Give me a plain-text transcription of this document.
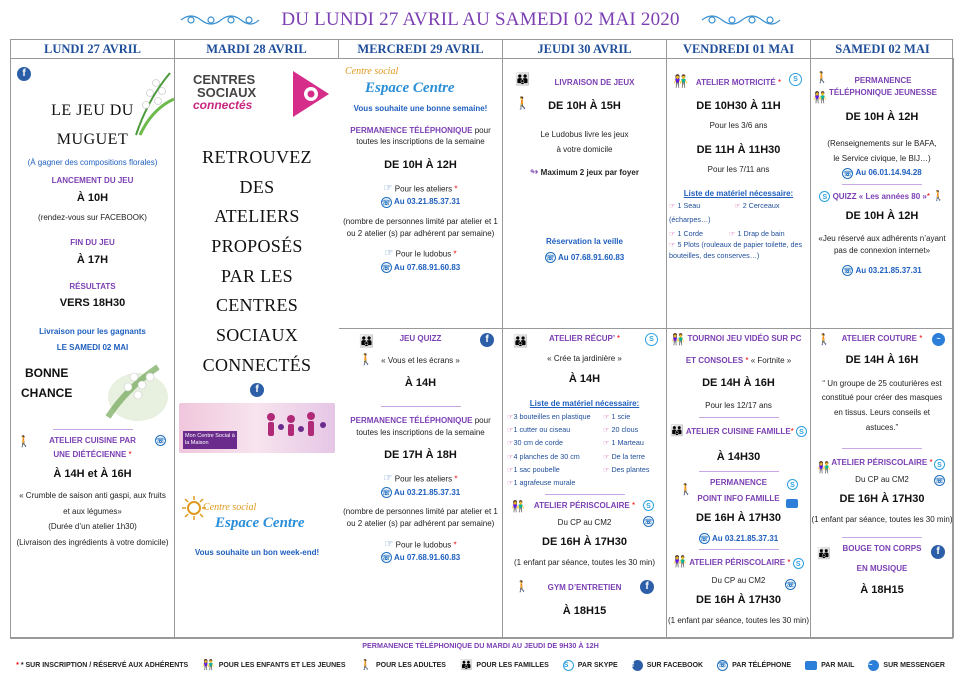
DU LUNDI 27 AVRIL AU SAMEDI 02 MAI 2020
LUNDI 27 AVRIL	MARDI 28 AVRIL	MERCREDI 29 AVRIL	JEUDI 30 AVRIL	VENDREDI 01 MAI	SAMEDI 02 MAI
Centre social
Espace Centre
Vous souhaite une bonne semaine!
PERMANENCE TÉLÉPHONIQUE pour toutes les inscriptions de la semaine
DE 10H À 12H
☞ Pour les ateliers *
☏ Au 03.21.85.37.31
(nombre de personnes limité par atelier et 1 ou 2 atelier (s) par adhérent par semaine)
☞ Pour le ludobus *
☏ Au 07.68.91.60.83
👪
🚶
LIVRAISON DE JEUX
DE 10H À 15H
Le Ludobus livre les jeux
à votre domicile
↬ Maximum 2 jeux par foyer
Réservation la veille
☏ Au 07.68.91.60.83
👫	S
ATELIER MOTRICITÉ *
DE 10H30 À 11H
Pour les 3/6 ans
DE 11H À 11H30
Pour les 7/11 ans
Liste de matériel nécessaire:
☞ 1 Seau	☞ 2 Cerceaux (écharpes…)
☞ 1 Corde	☞ 1 Drap de bain
☞ 5 Plots (rouleaux de papier toilette, des bouteilles, des conserves…)
🚶
👫
PERMANENCE TÉLÉPHONIQUE JEUNESSE
DE 10H À 12H
(Renseignements sur le BAFA,
le Service civique, le BIJ…)
☏ Au 06.01.14.94.28
S QUIZZ « Les années 80 »* 🚶
DE 10H À 12H
«Jeu réservé aux adhérents n’ayant pas de connexion internet»
☏ Au 03.21.85.37.31
f
LE JEU DU
MUGUET
(À gagner des compositions florales)
LANCEMENT DU JEU
À 10H
(rendez-vous sur FACEBOOK)
FIN DU JEU
À 17H
RÉSULTATS
VERS 18H30
Livraison pour les gagnants
LE SAMEDI 02 MAI
BONNE
CHANCE
🚶	☏
ATELIER CUISINE PAR
UNE DIÉTÉCIENNE *
À 14H et À 16H
« Crumble de saison anti gaspi, aux fruits et aux légumes»
(Durée d’un atelier 1h30)
(Livraison des ingrédients à votre domicile)
CENTRES
SOCIAUX
connectés
RETROUVEZ
DES
ATELIERS
PROPOSÉS
PAR LES
CENTRES
SOCIAUX
CONNECTÉS
f
Mon Centre Social à la Maison
Centre social
Espace Centre
Vous souhaite un bon week-end!
👪
🚶
f
JEU QUIZZ
« Vous et les écrans »
À 14H
PERMANENCE TÉLÉPHONIQUE pour toutes les inscriptions de la semaine
DE 17H À 18H
☞ Pour les ateliers *
☏ Au 03.21.85.37.31
(nombre de personnes limité par atelier et 1 ou 2 atelier (s) par adhérent par semaine)
☞ Pour le ludobus *
☏ Au 07.68.91.60.83
👪	S
ATELIER RÉCUP’ *
« Crée ta jardinière »
À 14H
Liste de matériel nécessaire:
☞3 bouteilles en plastique	☞ 1 scie
☞1 cutter ou ciseau	☞ 20 clous
☞30 cm de corde	☞ 1 Marteau
☞4 planches de 30 cm	☞ De la terre
☞1 sac poubelle	☞ Des plantes
☞1 agrafeuse murale
👫	S
☏
ATELIER PÉRISCOLAIRE *
Du CP au CM2
DE 16H À 17H30
(1 enfant par séance, toutes les 30 min)
🚶	f
GYM D’ENTRETIEN
À 18H15
👫 TOURNOI JEU VIDÉO SUR PC
ET CONSOLES * « Fortnite »
DE 14H À 16H
Pour les 12/17 ans
👪 ATELIER CUISINE FAMILLE* S
À 14H30
🚶	S
PERMANENCE
POINT INFO FAMILLE
DE 16H À 17H30
☏ Au 03.21.85.37.31
👫 ATELIER PÉRISCOLAIRE * S
☏
Du CP au CM2
DE 16H À 17H30
(1 enfant par séance, toutes les 30 min)
🚶	~
ATELIER COUTURE *
DE 14H À 16H
“ Un groupe de 25 couturières est constitué pour créer des masques en tissus. Leurs conseils et astuces.”
👫	S
☏
ATELIER PÉRISCOLAIRE *
Du CP au CM2
DE 16H À 17H30
(1 enfant par séance, toutes les 30 min)
👪	f
BOUGE TON CORPS
EN MUSIQUE
À 18H15
PERMANENCE TÉLÉPHONIQUE DU MARDI AU JEUDI DE 9H30 À 12H
* * SUR INSCRIPTION / RÉSERVÉ AUX ADHÉRENTS 👫 POUR LES ENFANTS ET LES JEUNES 🚶 POUR LES ADULTES 👪 POUR LES FAMILLES S	PAR SKYPE f	SUR FACEBOOK ☏ PAR TÉLÉPHONE	PAR MAIL ~	SUR MESSENGER
